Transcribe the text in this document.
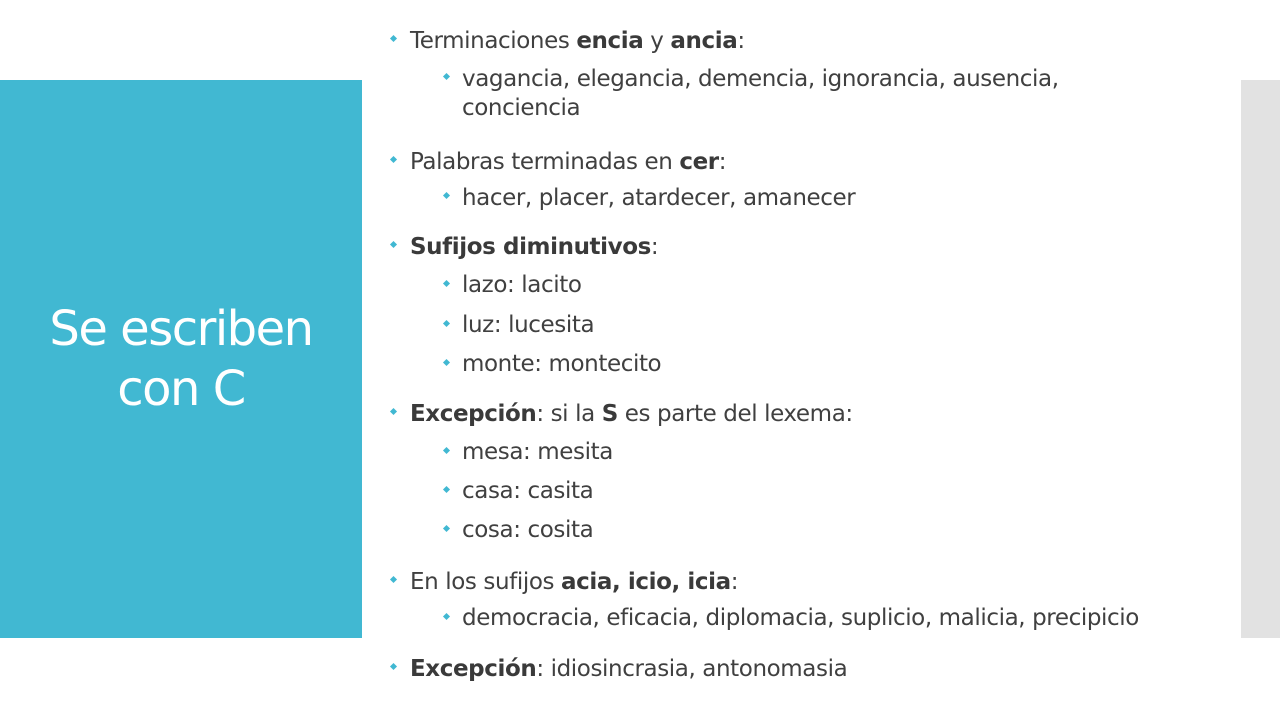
Se escriben con C
Terminaciones encia y ancia:
vagancia, elegancia, demencia, ignorancia, ausencia,
conciencia
Palabras terminadas en cer:
hacer, placer, atardecer, amanecer
Sufijos diminutivos:
lazo: lacito
luz: lucesita
monte: montecito
Excepción: si la S es parte del lexema:
mesa: mesita
casa: casita
cosa: cosita
En los sufijos acia, icio, icia:
democracia, eficacia, diplomacia, suplicio, malicia, precipicio
Excepción: idiosincrasia, antonomasia
